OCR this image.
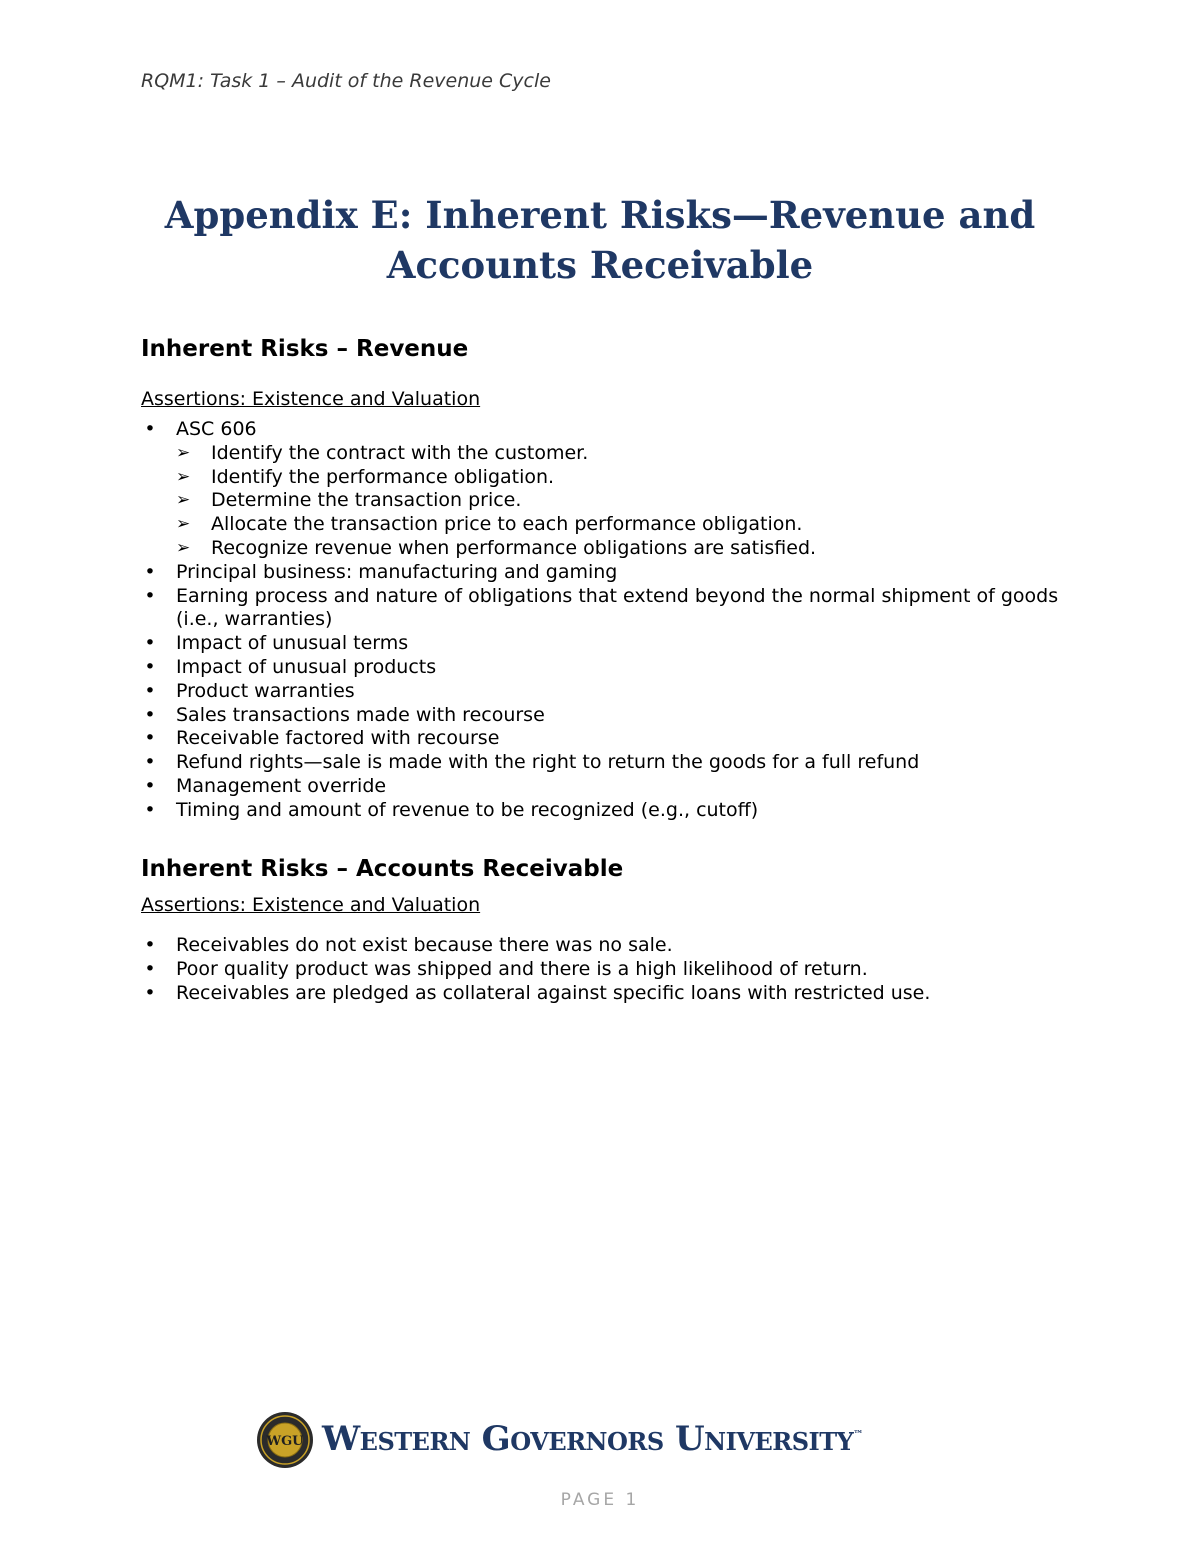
RQM1: Task 1 – Audit of the Revenue Cycle
Appendix E: Inherent Risks—Revenue and Accounts Receivable
Inherent Risks – Revenue

Assertions: Existence and Valuation

• ASC 606
➢ Identify the contract with the customer.
➢ Identify the performance obligation.
➢ Determine the transaction price.
➢ Allocate the transaction price to each performance obligation.
➢ Recognize revenue when performance obligations are satisfied.
• Principal business: manufacturing and gaming
• Earning process and nature of obligations that extend beyond the normal shipment of goods (i.e., warranties)
• Impact of unusual terms
• Impact of unusual products
• Product warranties
• Sales transactions made with recourse
• Receivable factored with recourse
• Refund rights—sale is made with the right to return the goods for a full refund
• Management override
• Timing and amount of revenue to be recognized (e.g., cutoff)
Inherent Risks – Accounts Receivable

Assertions: Existence and Valuation

• Receivables do not exist because there was no sale.
• Poor quality product was shipped and there is a high likelihood of return.
• Receivables are pledged as collateral against specific loans with restricted use.
WGU Western Governors University™
PAGE 1
